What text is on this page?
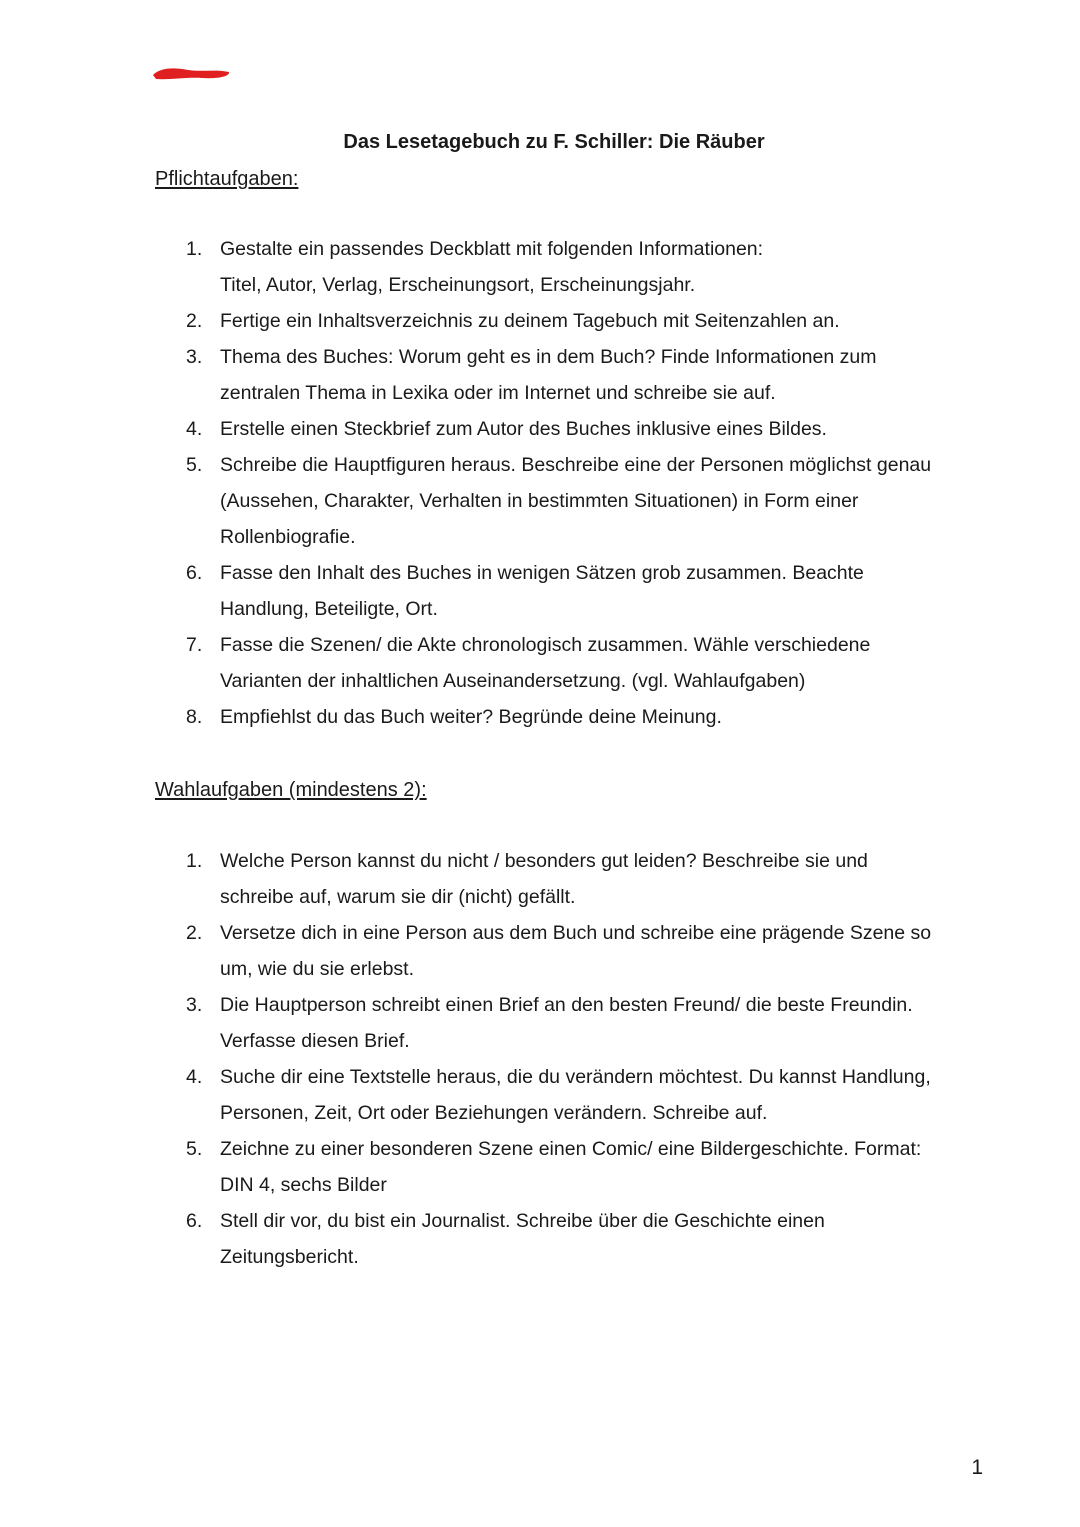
Das Lesetagebuch zu F. Schiller: Die Räuber
Pflichtaufgaben:
1. Gestalte ein passendes Deckblatt mit folgenden Informationen:
Titel, Autor, Verlag, Erscheinungsort, Erscheinungsjahr.
2. Fertige ein Inhaltsverzeichnis zu deinem Tagebuch mit Seitenzahlen an.
3. Thema des Buches: Worum geht es in dem Buch? Finde Informationen zum
zentralen Thema in Lexika oder im Internet und schreibe sie auf.
4. Erstelle einen Steckbrief zum Autor des Buches inklusive eines Bildes.
5. Schreibe die Hauptfiguren heraus. Beschreibe eine der Personen möglichst genau
(Aussehen, Charakter, Verhalten in bestimmten Situationen) in Form einer
Rollenbiografie.
6. Fasse den Inhalt des Buches in wenigen Sätzen grob zusammen. Beachte
Handlung, Beteiligte, Ort.
7. Fasse die Szenen/ die Akte chronologisch zusammen. Wähle verschiedene
Varianten der inhaltlichen Auseinandersetzung. (vgl. Wahlaufgaben)
8. Empfiehlst du das Buch weiter? Begründe deine Meinung.
Wahlaufgaben (mindestens 2):
1. Welche Person kannst du nicht / besonders gut leiden? Beschreibe sie und
schreibe auf, warum sie dir (nicht) gefällt.
2. Versetze dich in eine Person aus dem Buch und schreibe eine prägende Szene so
um, wie du sie erlebst.
3. Die Hauptperson schreibt einen Brief an den besten Freund/ die beste Freundin.
Verfasse diesen Brief.
4. Suche dir eine Textstelle heraus, die du verändern möchtest. Du kannst Handlung,
Personen, Zeit, Ort oder Beziehungen verändern. Schreibe auf.
5. Zeichne zu einer besonderen Szene einen Comic/ eine Bildergeschichte. Format:
DIN 4, sechs Bilder
6. Stell dir vor, du bist ein Journalist. Schreibe über die Geschichte einen
Zeitungsbericht.
1
